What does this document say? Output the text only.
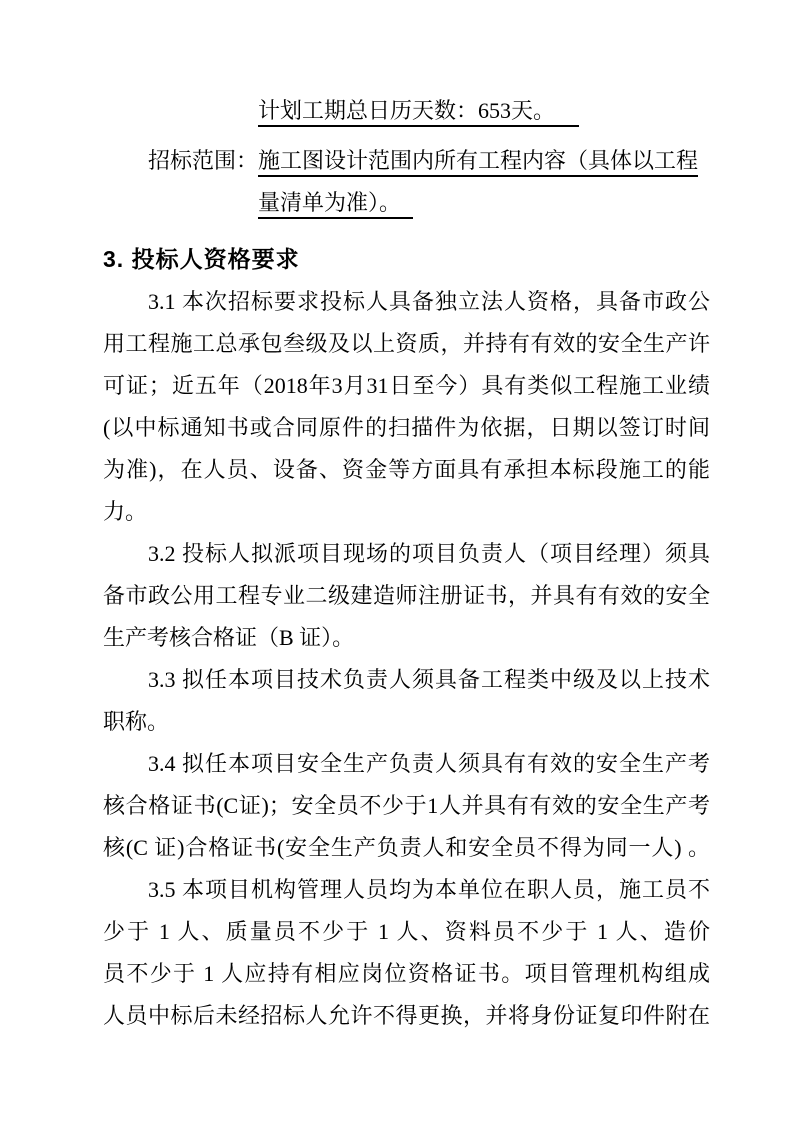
计划工期总日历天数：653天。
招标范围： 施工图设计范围内所有工程内容（具体以工程
量清单为准）。
3. 投标人资格要求
3.1 本次招标要求投标人具备独立法人资格，具备市政公
用工程施工总承包叁级及以上资质，并持有有效的安全生产许
可证；近五年（2018年3月31日至今）具有类似工程施工业绩
(以中标通知书或合同原件的扫描件为依据，日期以签订时间
为准)，在人员、设备、资金等方面具有承担本标段施工的能
力。
3.2 投标人拟派项目现场的项目负责人（项目经理）须具
备市政公用工程专业二级建造师注册证书，并具有有效的安全
生产考核合格证（B 证）。
3.3 拟任本项目技术负责人须具备工程类中级及以上技术
职称。
3.4 拟任本项目安全生产负责人须具有有效的安全生产考
核合格证书(C证)；安全员不少于1人并具有有效的安全生产考
核(C 证)合格证书(安全生产负责人和安全员不得为同一人) 。
3.5 本项目机构管理人员均为本单位在职人员，施工员不
少于 1 人、质量员不少于 1 人、资料员不少于 1 人、造价
员不少于 1 人应持有相应岗位资格证书。项目管理机构组成
人员中标后未经招标人允许不得更换，并将身份证复印件附在
